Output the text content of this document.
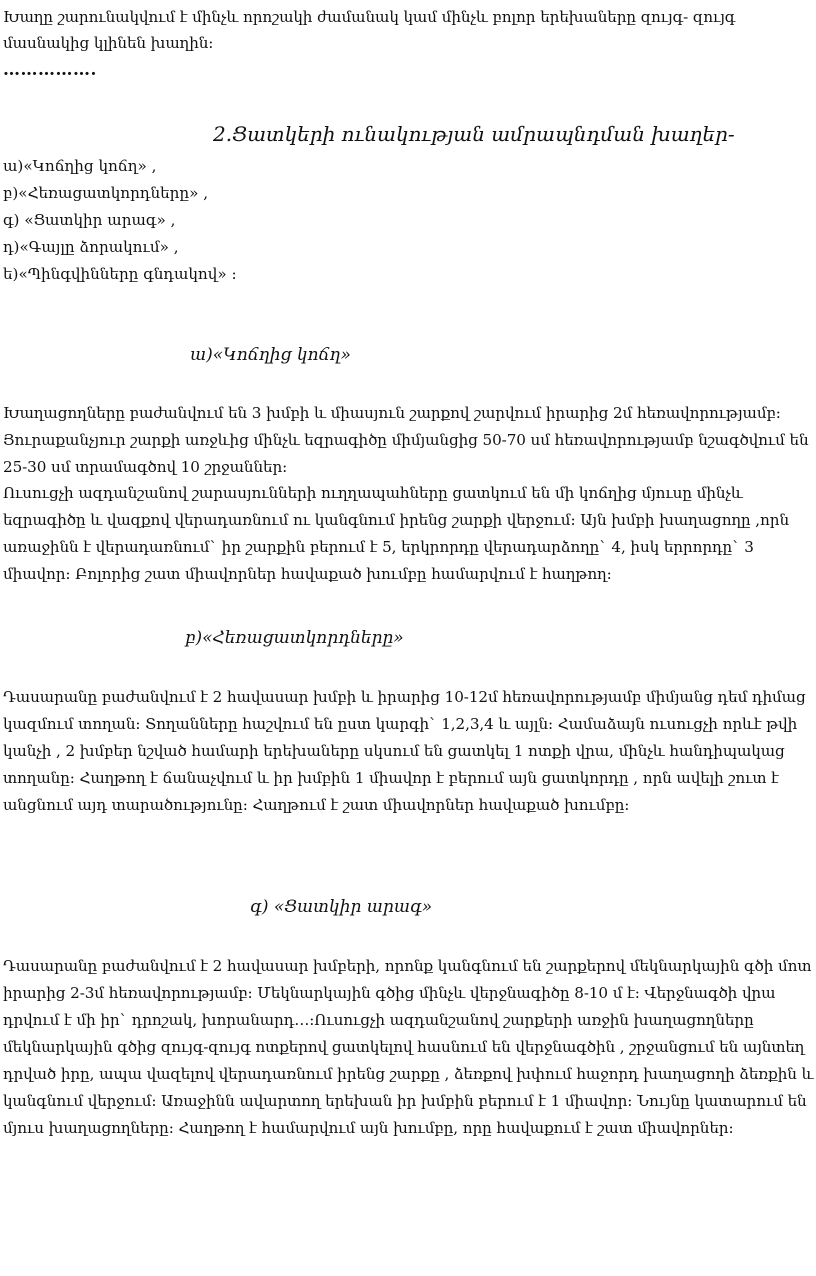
Խաղը շարունակվում է մինչև որոշակի ժամանակ կամ մինչև բոլոր երեխաները զույգ- զույգ
մասնակից կլինեն խաղին:
…………….
2.Ցատկերի ունակության ամրապնդման խաղեր-
ա)«Կոճղից կոճղ» ,
բ)«Հեռացատկորդները» ,
գ) «Ցատկիր արագ» ,
դ)«Գայլը ձորակում» ,
ե)«Պինգվինները գնդակով» :
ա)«Կոճղից կոճղ»
Խաղացողները բաժանվում են 3 խմբի և միասյուն շարքով շարվում իրարից 2մ հեռավորությամբ:
Յուրաքանչյուր շարքի առջևից մինչև եզրագիծը միմյանցից 50-70 սմ հեռավորությամբ նշագծվում են
25-30 սմ տրամագծով 10 շրջաններ:
Ուսուցչի ազդանշանով շարասյունների ուղղապահները ցատկում են մի կոճղից մյուսը մինչև
եզրագիծը և վազքով վերադառնում ու կանգնում իրենց շարքի վերջում: Այն խմբի խաղացողը ,որն
առաջինն է վերադառնում` իր շարքին բերում է 5, երկրորդը վերադարձողը` 4, իսկ երրորդը` 3
միավոր: Բոլորից շատ միավորներ հավաքած խումբը համարվում է հաղթող:
բ)«Հեռացատկորդները»
Դասարանը բաժանվում է 2 հավասար խմբի և իրարից 10-12մ հեռավորությամբ միմյանց դեմ դիմաց
կազմում տողան: Տողանները հաշվում են ըստ կարգի` 1,2,3,4 և այլն: Համաձայն ուսուցչի որևէ թվի
կանչի , 2 խմբեր նշված համարի երեխաները սկսում են ցատկել 1 ոտքի վրա, մինչև հանդիպակաց
տողանը: Հաղթող է ճանաչվում և իր խմբին 1 միավոր է բերում այն ցատկորդը , որն ավելի շուտ է
անցնում այդ տարածությունը: Հաղթում է շատ միավորներ հավաքած խումբը:
գ) «Ցատկիր արագ»
Դասարանը բաժանվում է 2 հավասար խմբերի, որոնք կանգնում են շարքերով մեկնարկային գծի մոտ
իրարից 2-3մ հեռավորությամբ: Մեկնարկային գծից մինչև վերջնագիծը 8-10 մ է: Վերջնագծի վրա
դրվում է մի իր` դրոշակ, խորանարդ…:Ուսուցչի ազդանշանով շարքերի առջին խաղացողները
մեկնարկային գծից զույգ-զույգ ոտքերով ցատկելով հասնում են վերջնագծին , շրջանցում են այնտեղ
դրված իրը, ապա վազելով վերադառնում իրենց շարքը , ձեռքով խփում հաջորդ խաղացողի ձեռքին և
կանգնում վերջում: Առաջինն ավարտող երեխան իր խմբին բերում է 1 միավոր: Նույնը կատարում են
մյուս խաղացողները: Հաղթող է համարվում այն խումբը, որը հավաքում է շատ միավորներ:
